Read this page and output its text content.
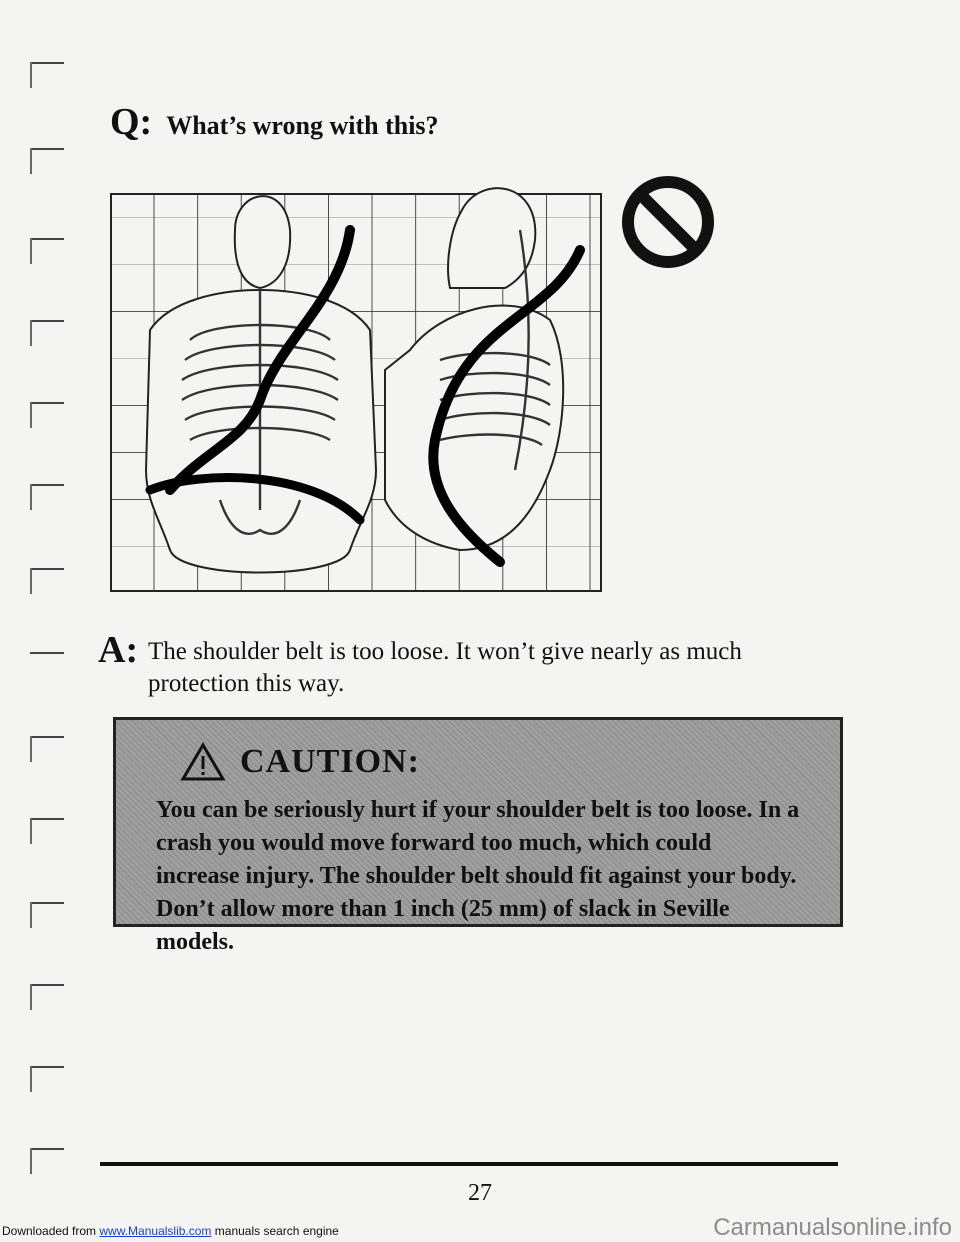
Q: What’s wrong with this?
A: The shoulder belt is too loose. It won’t give nearly as much protection this way.
CAUTION:
You can be seriously hurt if your shoulder belt is too loose. In a crash you would move forward too much, which could increase injury. The shoulder belt should fit against your body. Don’t allow more than 1 inch (25 mm) of slack in Seville models.
27
Downloaded from www.Manualslib.com manuals search engine	Carmanualsonline.info
